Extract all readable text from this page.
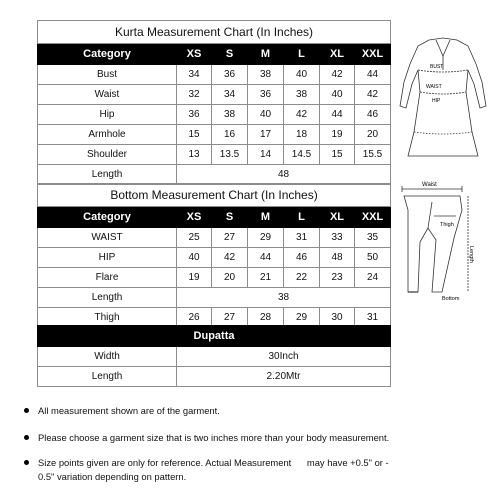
Kurta Measurement Chart (In Inches)						
Category	XS	S	M	L	XL	XXL
Bust	34	36	38	40	42	44
Waist	32	34	36	38	40	42
Hip	36	38	40	42	44	46
Armhole	15	16	17	18	19	20
Shoulder	13	13.5	14	14.5	15	15.5
Length	48					
Bottom Measurement Chart (In Inches)						
Category	XS	S	M	L	XL	XXL
WAIST	25	27	29	31	33	35
HIP	40	42	44	46	48	50
Flare	19	20	21	22	23	24
Length	38					
Thigh	26	27	28	29	30	31
Dupatta	
Width	30Inch
Length	2.20Mtr
BUST
WAIST
HIP
Waist
Thigh
Length
Bottom
All measurement shown are of the garment.
Please choose a garment size that is two inches more than your body measurement.
Size points given are only for reference. Actual Measurement      may have +0.5" or -
0.5" variation depending on pattern.
